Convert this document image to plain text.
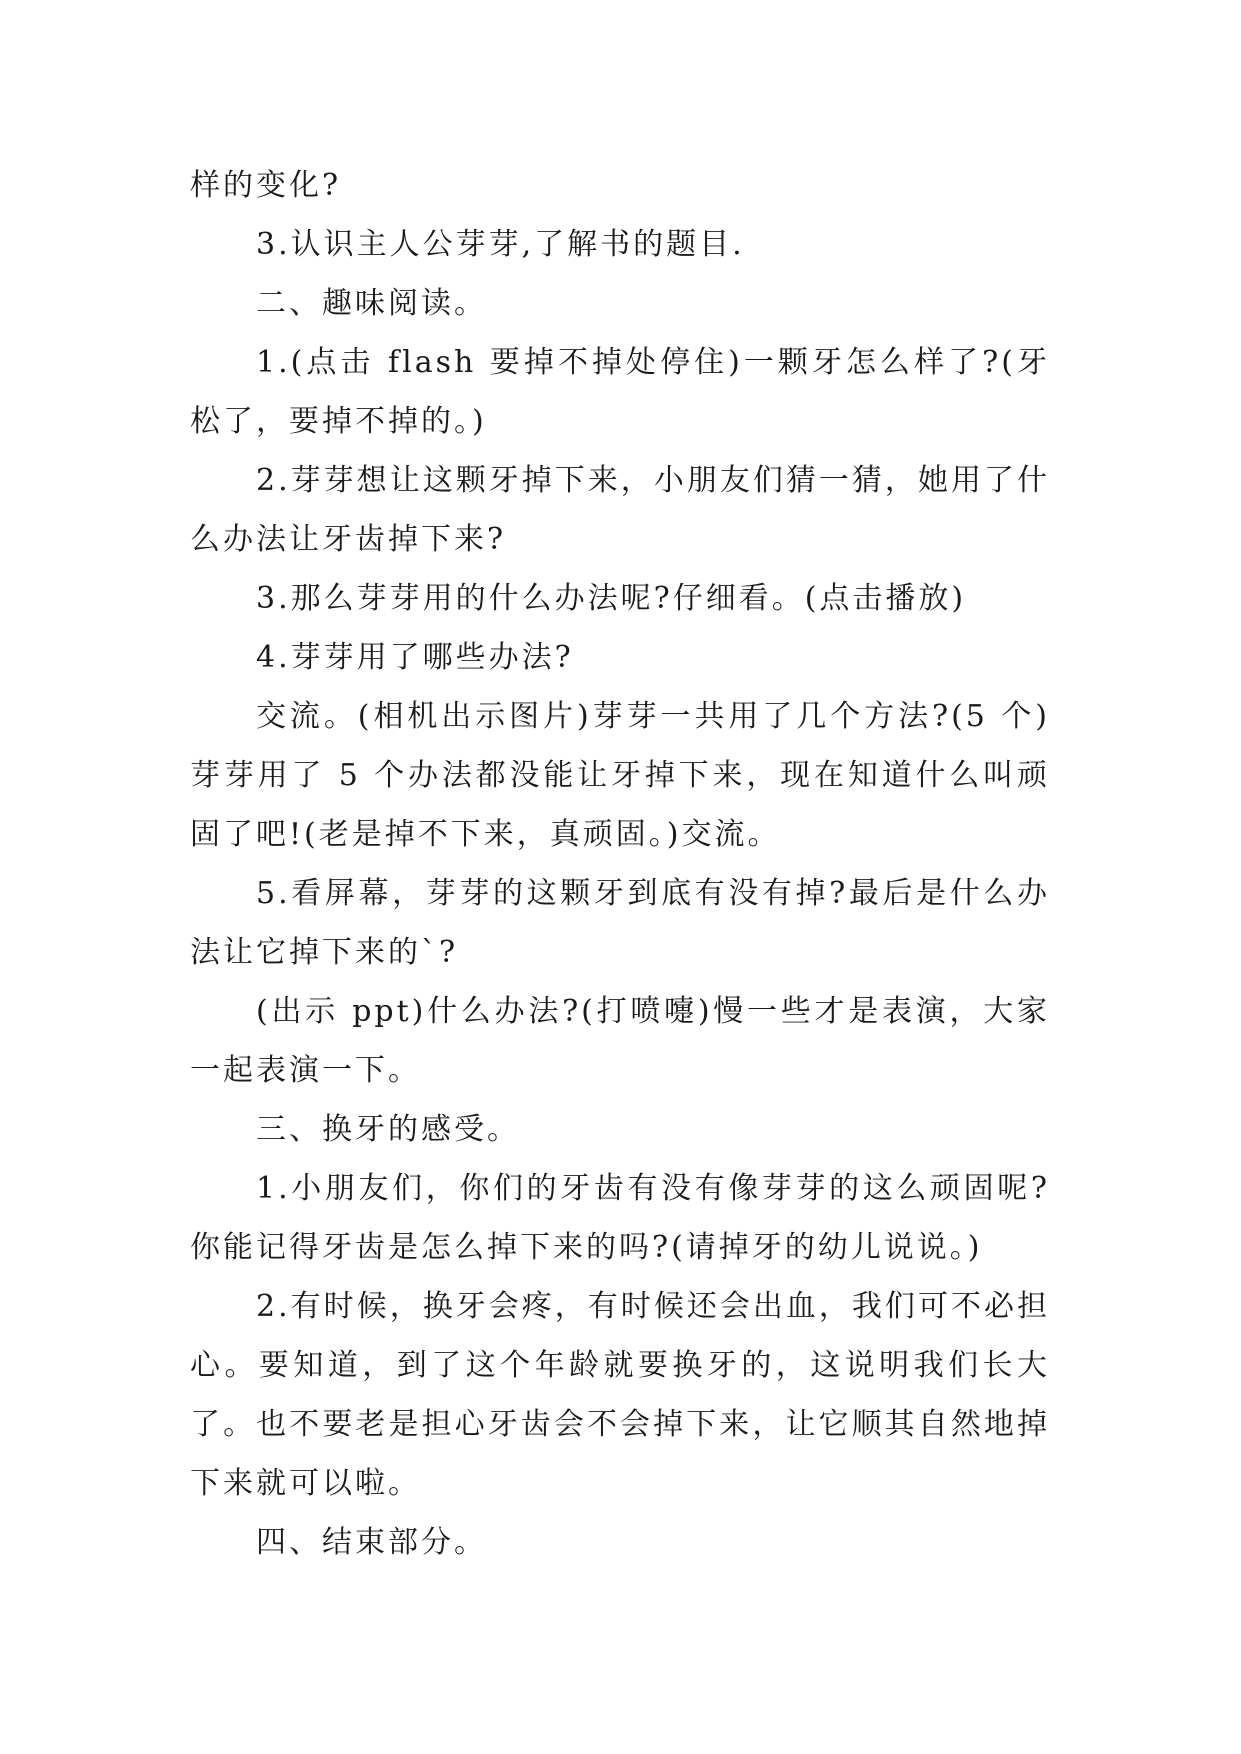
样的变化?

3.认识主人公芽芽,了解书的题目.

二、趣味阅读。

1.(点击 flash 要掉不掉处停住)一颗牙怎么样了?(牙松了，要掉不掉的。)

2.芽芽想让这颗牙掉下来，小朋友们猜一猜，她用了什么办法让牙齿掉下来?

3.那么芽芽用的什么办法呢?仔细看。(点击播放)

4.芽芽用了哪些办法?

交流。(相机出示图片)芽芽一共用了几个方法?(5 个)芽芽用了 5 个办法都没能让牙掉下来，现在知道什么叫顽固了吧!(老是掉不下来，真顽固。)交流。

5.看屏幕，芽芽的这颗牙到底有没有掉?最后是什么办法让它掉下来的`?

(出示 ppt)什么办法?(打喷嚏)慢一些才是表演，大家一起表演一下。

三、换牙的感受。

1.小朋友们，你们的牙齿有没有像芽芽的这么顽固呢?你能记得牙齿是怎么掉下来的吗?(请掉牙的幼儿说说。)

2.有时候，换牙会疼，有时候还会出血，我们可不必担心。要知道，到了这个年龄就要换牙的，这说明我们长大了。也不要老是担心牙齿会不会掉下来，让它顺其自然地掉下来就可以啦。

四、结束部分。
